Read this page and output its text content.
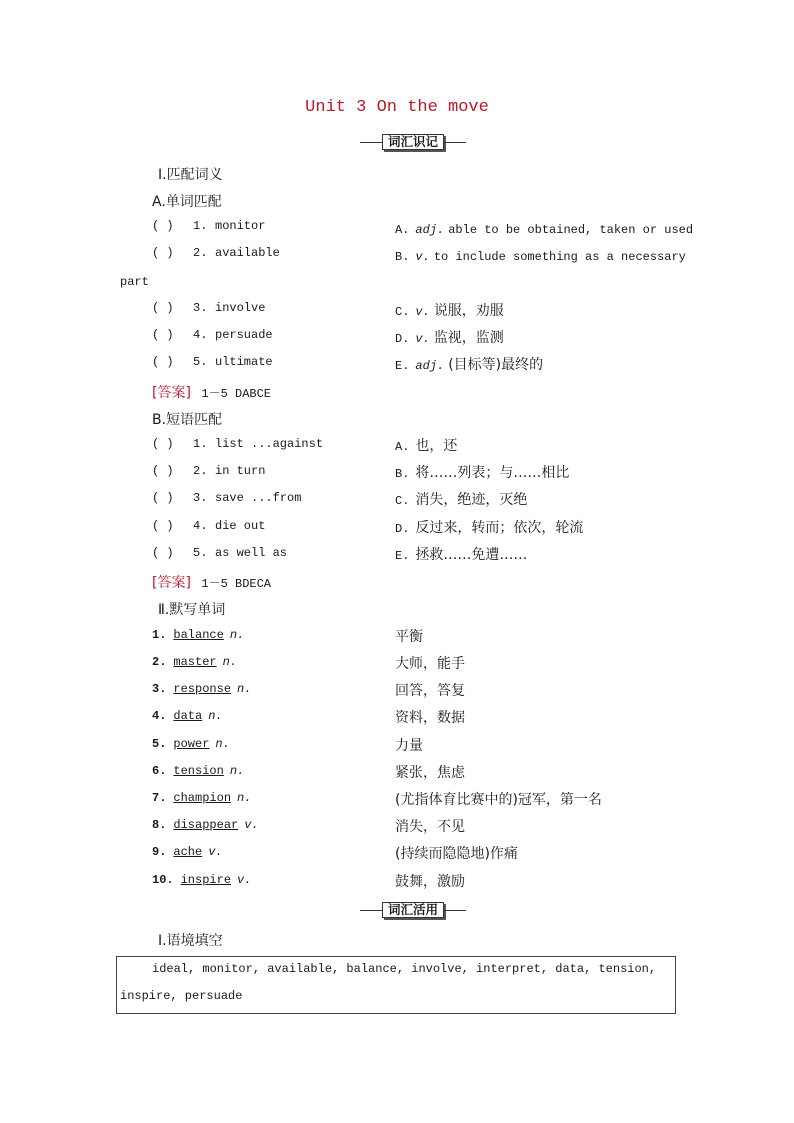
Unit 3 On the move
词汇识记
Ⅰ.匹配词义
A.单词匹配
( ) 1. monitor	A. adj. able to be obtained, taken or used
( ) 2. available	B. v. to include something as a necessary
( ) 3. involve	C. v. 说服，劝服
( ) 4. persuade	D. v. 监视，监测
( ) 5. ultimate	E. adj. (目标等)最终的
part
[答案] 1－5 DABCE
B.短语匹配
( ) 1. list ...against	A. 也，还
( ) 2. in turn	B. 将……列表；与……相比
( ) 3. save ...from	C. 消失，绝迹，灭绝
( ) 4. die out	D. 反过来，转而；依次，轮流
( ) 5. as well as	E. 拯救……免遭……
[答案] 1－5 BDECA
Ⅱ.默写单词
1. balance n.	平衡
2. master n.	大师，能手
3. response n.	回答，答复
4. data n.	资料，数据
5. power n.	力量
6. tension n.	紧张，焦虑
7. champion n.	(尤指体育比赛中的)冠军，第一名
8. disappear v.	消失，不见
9. ache v.	(持续而隐隐地)作痛
10. inspire v.	鼓舞，激励
词汇活用
Ⅰ.语境填空
ideal, monitor, available, balance, involve, interpret, data, tension,
inspire, persuade
